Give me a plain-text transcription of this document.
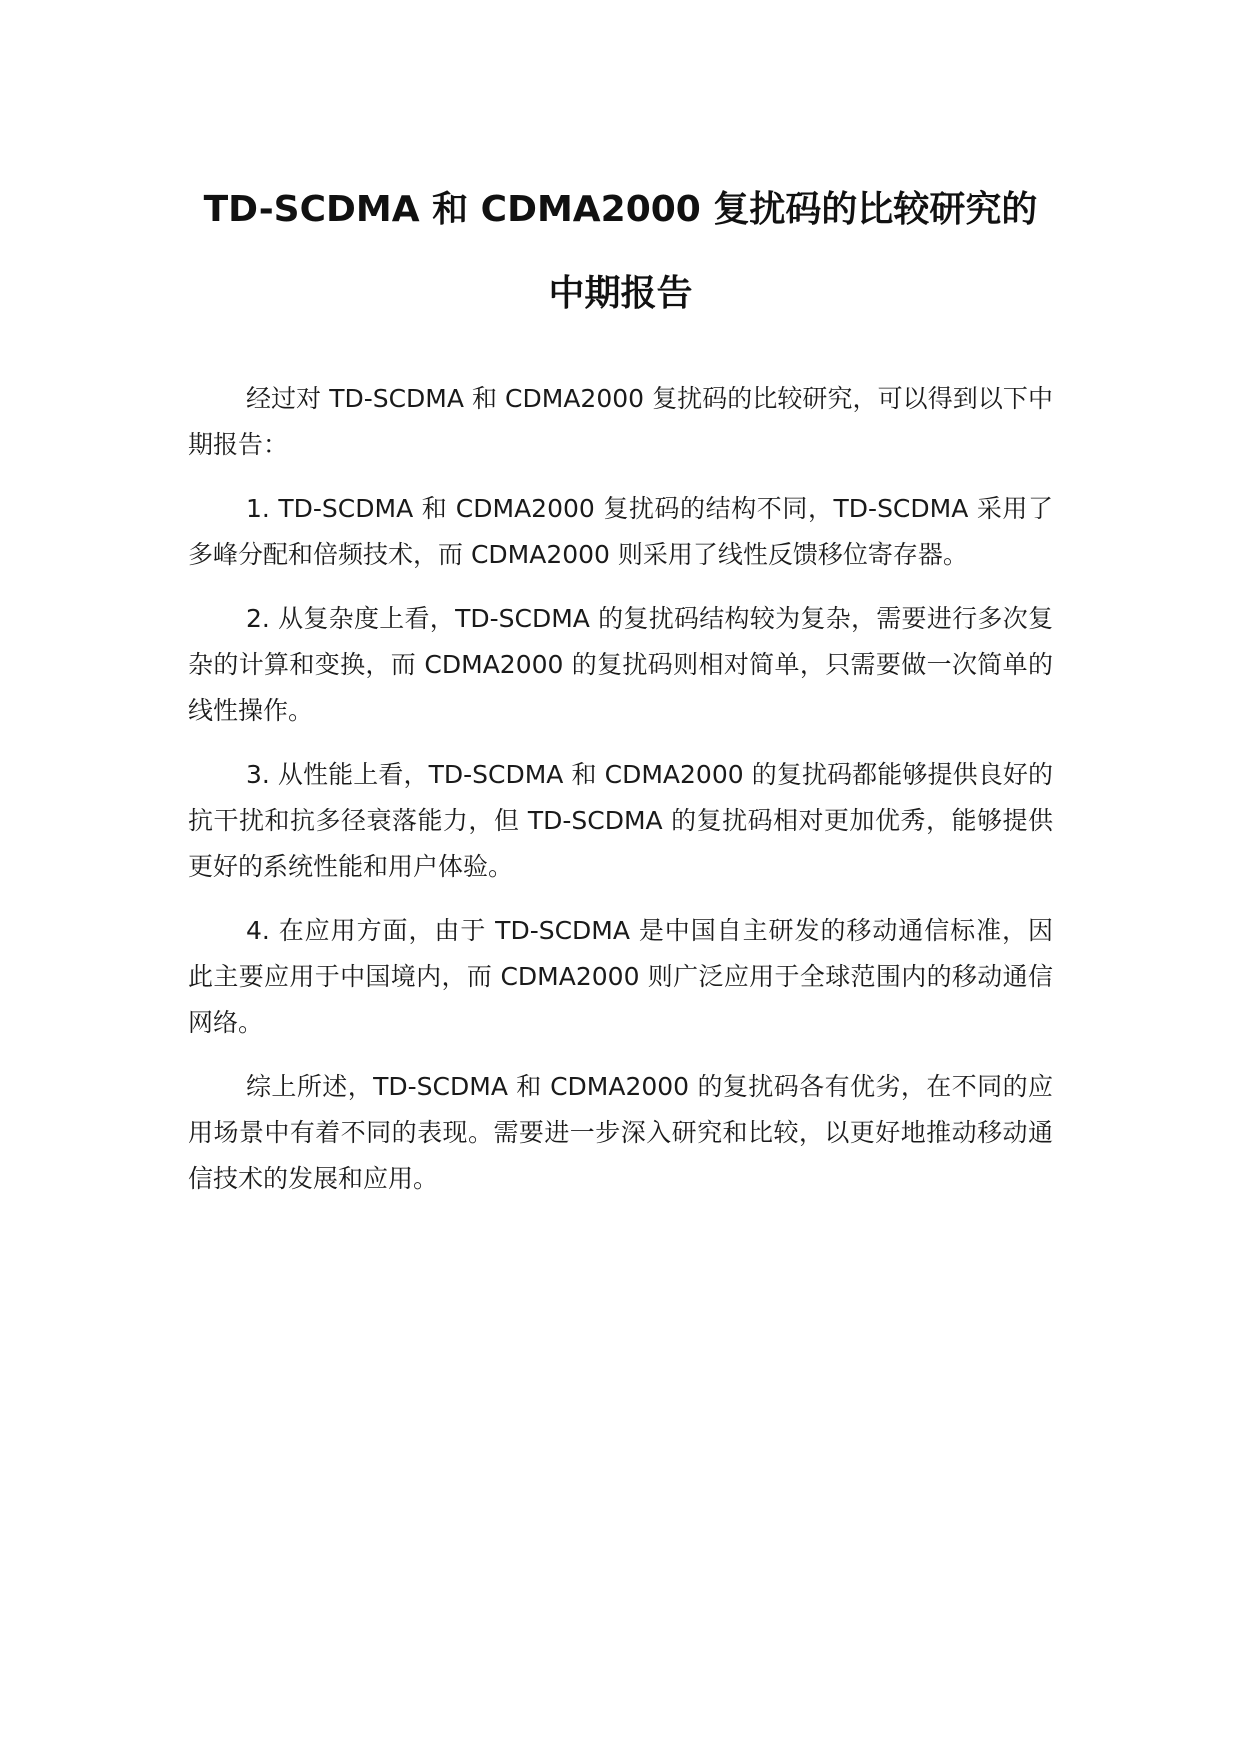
TD-SCDMA 和 CDMA2000 复扰码的比较研究的中期报告

经过对 TD-SCDMA 和 CDMA2000 复扰码的比较研究，可以得到以下中期报告：

1. TD-SCDMA 和 CDMA2000 复扰码的结构不同，TD-SCDMA 采用了多峰分配和倍频技术，而 CDMA2000 则采用了线性反馈移位寄存器。

2. 从复杂度上看，TD-SCDMA 的复扰码结构较为复杂，需要进行多次复杂的计算和变换，而 CDMA2000 的复扰码则相对简单，只需要做一次简单的线性操作。

3. 从性能上看，TD-SCDMA 和 CDMA2000 的复扰码都能够提供良好的抗干扰和抗多径衰落能力，但 TD-SCDMA 的复扰码相对更加优秀，能够提供更好的系统性能和用户体验。

4. 在应用方面，由于 TD-SCDMA 是中国自主研发的移动通信标准，因此主要应用于中国境内，而 CDMA2000 则广泛应用于全球范围内的移动通信网络。

综上所述，TD-SCDMA 和 CDMA2000 的复扰码各有优劣，在不同的应用场景中有着不同的表现。需要进一步深入研究和比较，以更好地推动移动通信技术的发展和应用。
